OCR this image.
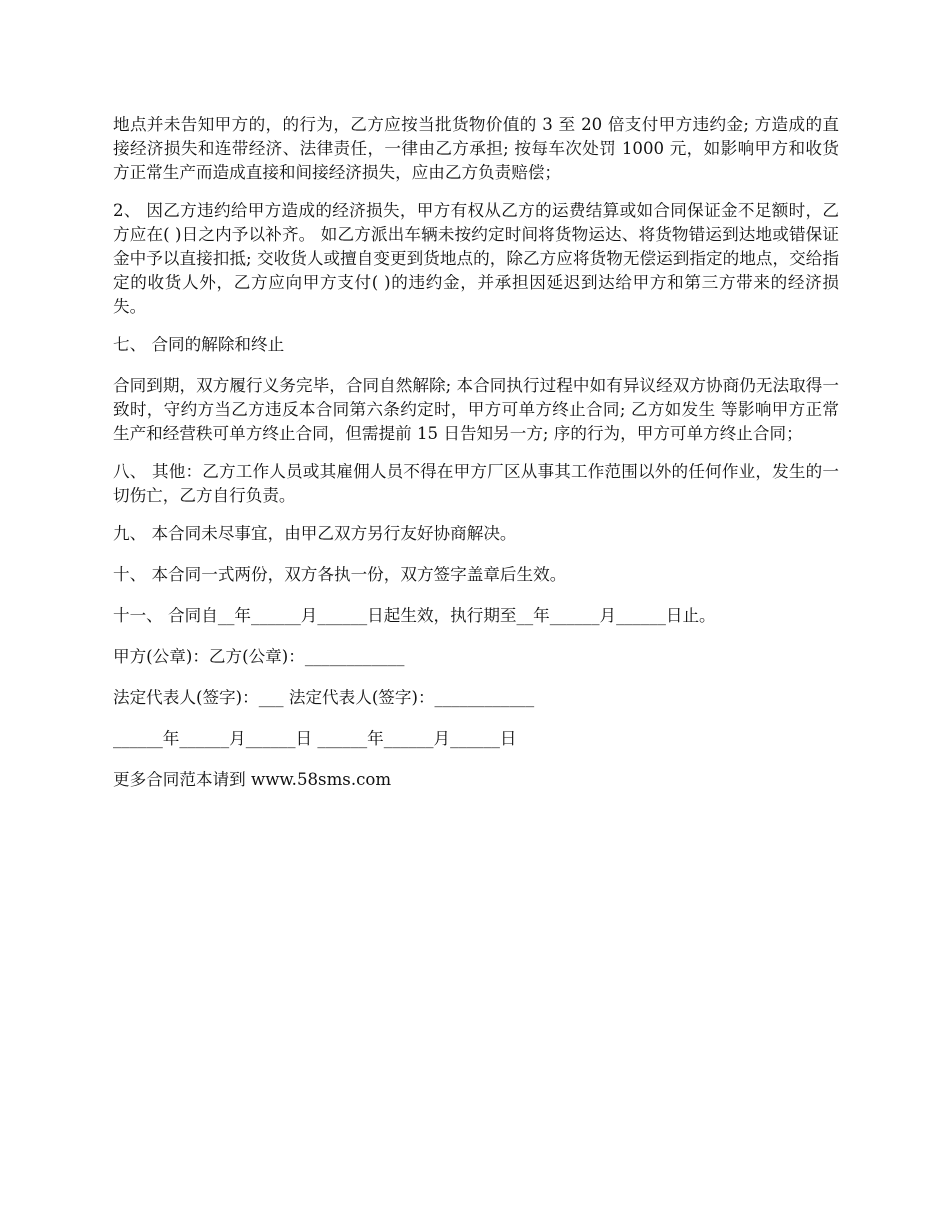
地点并未告知甲方的，的行为，乙方应按当批货物价值的 3 至 20 倍支付甲方违约金; 方造成的直接经济损失和连带经济、法律责任，一律由乙方承担; 按每车次处罚 1000 元，如影响甲方和收货方正常生产而造成直接和间接经济损失，应由乙方负责赔偿；

2、 因乙方违约给甲方造成的经济损失，甲方有权从乙方的运费结算或如合同保证金不足额时，乙方应在( )日之内予以补齐。 如乙方派出车辆未按约定时间将货物运达、将货物错运到达地或错保证金中予以直接扣抵; 交收货人或擅自变更到货地点的，除乙方应将货物无偿运到指定的地点，交给指定的收货人外，乙方应向甲方支付( )的违约金，并承担因延迟到达给甲方和第三方带来的经济损失。

七、 合同的解除和终止

合同到期，双方履行义务完毕，合同自然解除; 本合同执行过程中如有异议经双方协商仍无法取得一致时，守约方当乙方违反本合同第六条约定时，甲方可单方终止合同; 乙方如发生 等影响甲方正常生产和经营秩可单方终止合同，但需提前 15 日告知另一方; 序的行为，甲方可单方终止合同；

八、 其他：乙方工作人员或其雇佣人员不得在甲方厂区从事其工作范围以外的任何作业，发生的一切伤亡，乙方自行负责。

九、 本合同未尽事宜，由甲乙双方另行友好协商解决。

十、 本合同一式两份，双方各执一份，双方签字盖章后生效。

十一、 合同自__年______月______日起生效，执行期至__年______月______日止。

甲方(公章)：乙方(公章)：____________

法定代表人(签字)：___ 法定代表人(签字)：____________

______年______月______日 ______年______月______日

更多合同范本请到 www.58sms.com
